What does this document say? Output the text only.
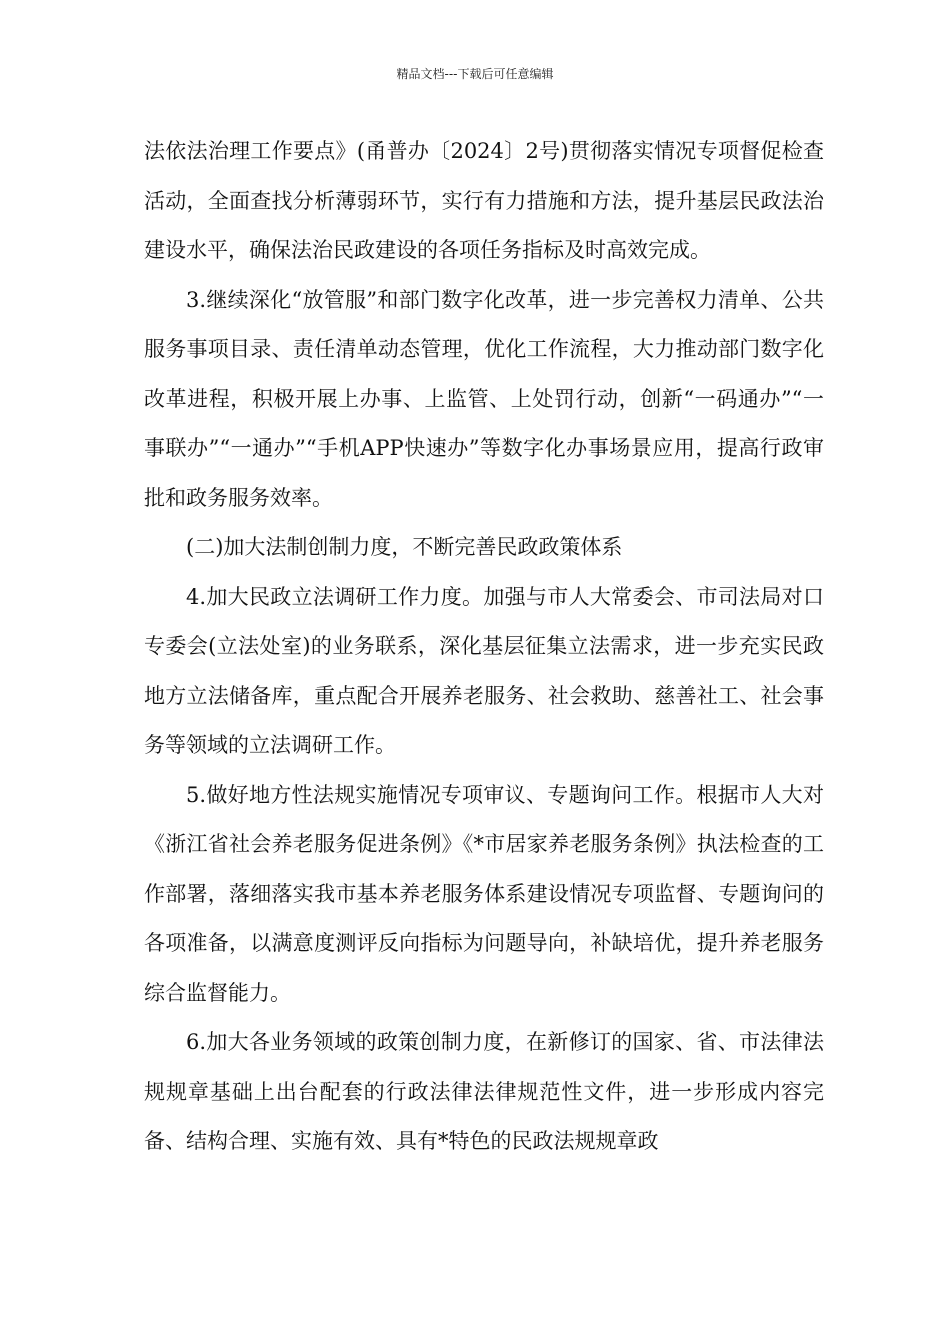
精品文档---下载后可任意编辑

法依法治理工作要点》(甬普办〔2024〕2号)贯彻落实情况专项督促检查活动，全面查找分析薄弱环节，实行有力措施和方法，提升基层民政法治建设水平，确保法治民政建设的各项任务指标及时高效完成。

3.继续深化“放管服”和部门数字化改革，进一步完善权力清单、公共服务事项目录、责任清单动态管理，优化工作流程，大力推动部门数字化改革进程，积极开展上办事、上监管、上处罚行动，创新“一码通办”“一事联办”“一通办”“手机APP快速办”等数字化办事场景应用，提高行政审批和政务服务效率。

(二)加大法制创制力度，不断完善民政政策体系

4.加大民政立法调研工作力度。加强与市人大常委会、市司法局对口专委会(立法处室)的业务联系，深化基层征集立法需求，进一步充实民政地方立法储备库，重点配合开展养老服务、社会救助、慈善社工、社会事务等领域的立法调研工作。

5.做好地方性法规实施情况专项审议、专题询问工作。根据市人大对《浙江省社会养老服务促进条例》《*市居家养老服务条例》执法检查的工作部署，落细落实我市基本养老服务体系建设情况专项监督、专题询问的各项准备，以满意度测评反向指标为问题导向，补缺培优，提升养老服务综合监督能力。

6.加大各业务领域的政策创制力度，在新修订的国家、省、市法律法规规章基础上出台配套的行政法律法律规范性文件，进一步形成内容完备、结构合理、实施有效、具有*特色的民政法规规章政
